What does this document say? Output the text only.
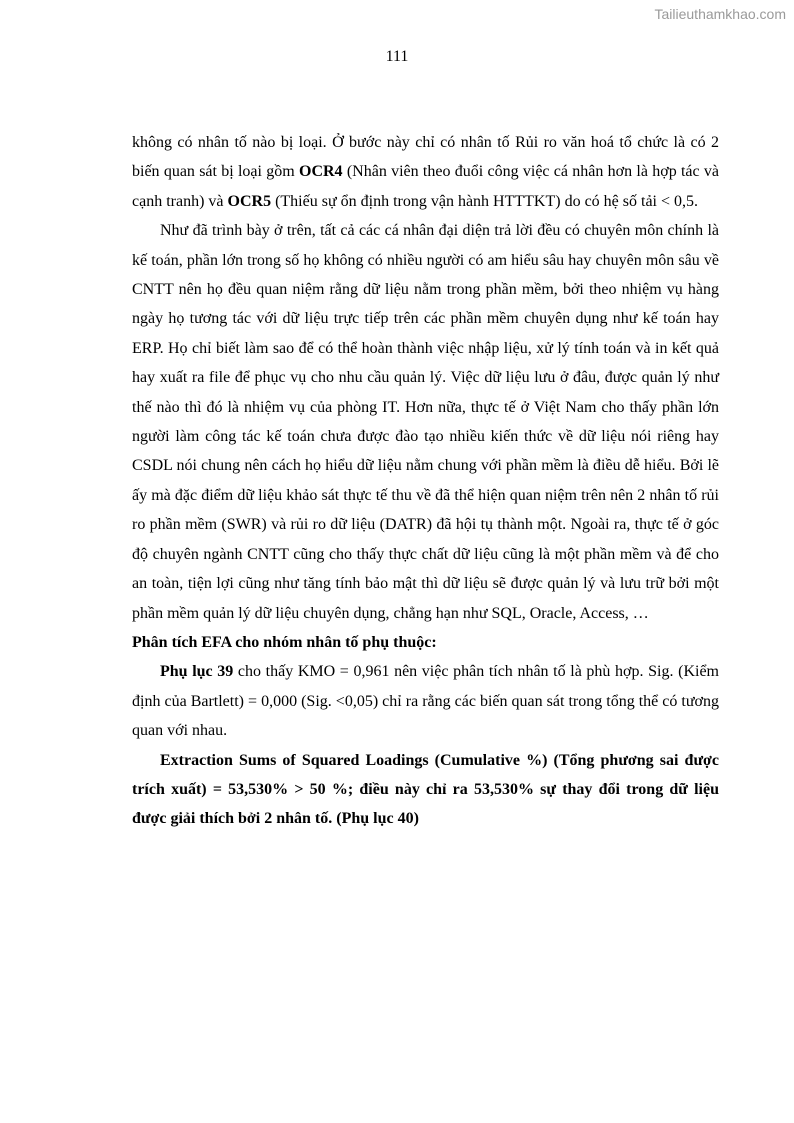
Tailieuthamkhao.com
111

không có nhân tố nào bị loại. Ở bước này chỉ có nhân tố Rủi ro văn hoá tổ chức là có 2 biến quan sát bị loại gồm OCR4 (Nhân viên theo đuổi công việc cá nhân hơn là hợp tác và cạnh tranh) và OCR5 (Thiếu sự ổn định trong vận hành HTTTKT) do có hệ số tải < 0,5.

Như đã trình bày ở trên, tất cả các cá nhân đại diện trả lời đều có chuyên môn chính là kế toán, phần lớn trong số họ không có nhiều người có am hiểu sâu hay chuyên môn sâu về CNTT nên họ đều quan niệm rằng dữ liệu nằm trong phần mềm, bởi theo nhiệm vụ hàng ngày họ tương tác với dữ liệu trực tiếp trên các phần mềm chuyên dụng như kế toán hay ERP. Họ chỉ biết làm sao để có thể hoàn thành việc nhập liệu, xử lý tính toán và in kết quả hay xuất ra file để phục vụ cho nhu cầu quản lý. Việc dữ liệu lưu ở đâu, được quản lý như thế nào thì đó là nhiệm vụ của phòng IT. Hơn nữa, thực tế ở Việt Nam cho thấy phần lớn người làm công tác kế toán chưa được đào tạo nhiều kiến thức về dữ liệu nói riêng hay CSDL nói chung nên cách họ hiểu dữ liệu nằm chung với phần mềm là điều dễ hiểu. Bởi lẽ ấy mà đặc điểm dữ liệu khảo sát thực tế thu về đã thể hiện quan niệm trên nên 2 nhân tố rủi ro phần mềm (SWR) và rủi ro dữ liệu (DATR) đã hội tụ thành một. Ngoài ra, thực tế ở góc độ chuyên ngành CNTT cũng cho thấy thực chất dữ liệu cũng là một phần mềm và để cho an toàn, tiện lợi cũng như tăng tính bảo mật thì dữ liệu sẽ được quản lý và lưu trữ bởi một phần mềm quản lý dữ liệu chuyên dụng, chẳng hạn như SQL, Oracle, Access, …

Phân tích EFA cho nhóm nhân tố phụ thuộc:

Phụ lục 39 cho thấy KMO = 0,961 nên việc phân tích nhân tố là phù hợp. Sig. (Kiểm định của Bartlett) = 0,000 (Sig. <0,05) chỉ ra rằng các biến quan sát trong tổng thể có tương quan với nhau.

Extraction Sums of Squared Loadings (Cumulative %) (Tổng phương sai được trích xuất) = 53,530% > 50 %; điều này chỉ ra 53,530% sự thay đổi trong dữ liệu được giải thích bởi 2 nhân tố. (Phụ lục 40)
